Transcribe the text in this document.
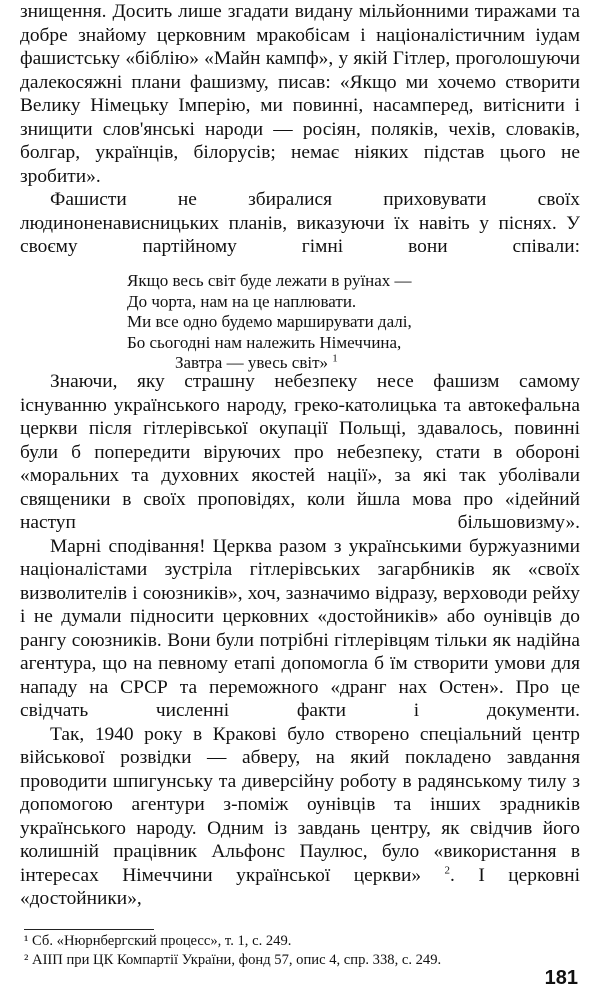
знищення. Досить лише згадати видану мільйонними тиражами та добре знайому церковним мракобісам і націоналістичним іудам фашистську «біблію» «Майн кампф», у якій Гітлер, проголошуючи далекосяжні плани фашизму, писав: «Якщо ми хочемо створити Велику Німецьку Імперію, ми повинні, насамперед, витіснити і знищити слов'янські народи — росіян, поляків, чехів, словаків, болгар, українців, білорусів; немає ніяких підстав цього не зробити».

Фашисти не збиралися приховувати своїх людиноненависницьких планів, виказуючи їх навіть у піснях. У своєму партійному гімні вони співали:

Якщо весь світ буде лежати в руїнах —
До чорта, нам на це наплювати.
Ми все одно будемо марширувати далі,
Бо сьогодні нам належить Німеччина,
Завтра — увесь світ» $^1$

Знаючи, яку страшну небезпеку несе фашизм самому існуванню українського народу, греко-католицька та автокефальна церкви після гітлерівської окупації Польщі, здавалось, повинні були б попередити віруючих про небезпеку, стати в обороні «моральних та духовних якостей нації», за які так уболівали священики в своїх проповідях, коли йшла мова про «ідейний наступ більшовизму».

Марні сподівання! Церква разом з українськими буржуазними націоналістами зустріла гітлерівських загарбників як «своїх визволителів і союзників», хоч, зазначимо відразу, верховоди рейху і не думали підносити церковних «достойників» або оунівців до рангу союзників. Вони були потрібні гітлерівцям тільки як надійна агентура, що на певному етапі допомогла б їм створити умови для нападу на СРСР та переможного «дранг нах Остен». Про це свідчать численні факти і документи.

Так, 1940 року в Кракові було створено спеціальний центр військової розвідки — абверу, на який покладено завдання проводити шпигунську та диверсійну роботу в радянському тилу з допомогою агентури з-поміж оунівців та інших зрадників українського народу. Одним із завдань центру, як свідчив його колишній працівник Альфонс Паулюс, було «використання в інтересах Німеччини української церкви» $^2$. І церковні «достойники»,

¹ Сб. «Нюрнбергский процесс», т. 1, с. 249.
² АІІП при ЦК Компартії України, фонд 57, опис 4, спр. 338, с. 249.
181
